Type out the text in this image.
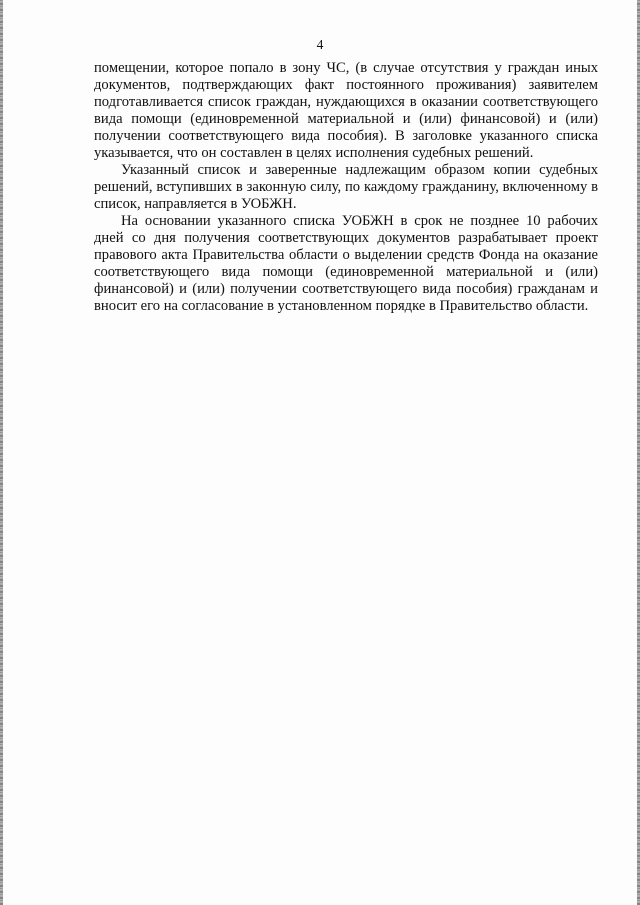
4

помещении, которое попало в зону ЧС, (в случае отсутствия у граждан иных документов, подтверждающих факт постоянного проживания) заявителем подготавливается список граждан, нуждающихся в оказании соответствующего вида помощи (единовременной материальной и (или) финансовой) и (или) получении соответствующего вида пособия). В заголовке указанного списка указывается, что он составлен в целях исполнения судебных решений.

Указанный список и заверенные надлежащим образом копии судебных решений, вступивших в законную силу, по каждому гражданину, включенному в список, направляется в УОБЖН.

На основании указанного списка УОБЖН в срок не позднее 10 рабочих дней со дня получения соответствующих документов разрабатывает проект правового акта Правительства области о выделении средств Фонда на оказание соответствующего вида помощи (единовременной материальной и (или) финансовой) и (или) получении соответствующего вида пособия) гражданам и вносит его на согласование в установленном порядке в Правительство области.
